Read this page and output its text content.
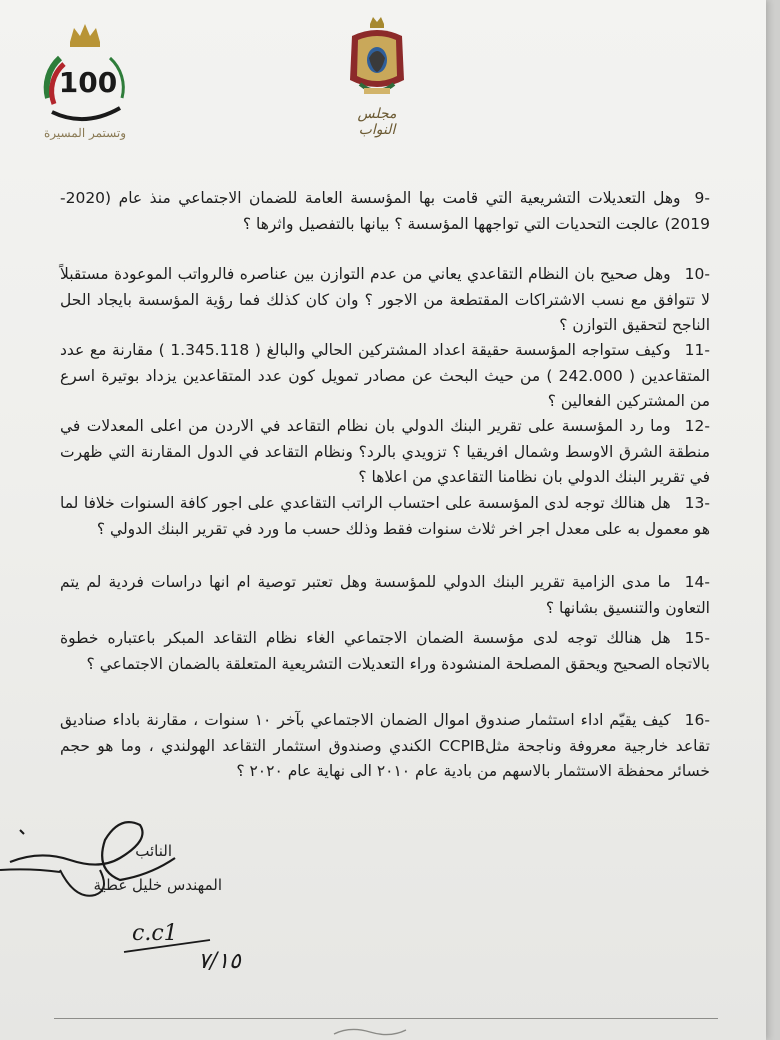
100
وتستمر المسيرة
مجلس النواب
-9وهل التعديلات التشريعية التي قامت بها المؤسسة العامة للضمان الاجتماعي منذ عام (2020-2019) عالجت التحديات التي تواجهها المؤسسة ؟ بيانها بالتفصيل واثرها ؟
-10وهل صحيح بان النظام التقاعدي يعاني من عدم التوازن بين عناصره فالرواتب الموعودة مستقبلاً لا تتوافق مع نسب الاشتراكات المقتطعة من الاجور ؟ وان كان كذلك فما رؤية المؤسسة بايجاد الحل الناجح لتحقيق التوازن ؟
-11وكيف ستواجه المؤسسة حقيقة اعداد المشتركين الحالي والبالغ ( 1.345.118 ) مقارنة مع عدد المتقاعدين ( 242.000 ) من حيث البحث عن مصادر تمويل كون عدد المتقاعدين يزداد بوتيرة اسرع من المشتركين الفعالين ؟
-12وما رد المؤسسة على تقرير البنك الدولي بان نظام التقاعد في الاردن من اعلى المعدلات في منطقة الشرق الاوسط وشمال افريقيا ؟ تزويدي بالرد؟ ونظام التقاعد في الدول المقارنة التي ظهرت في تقرير البنك الدولي بان نظامنا التقاعدي من اعلاها ؟
-13هل هنالك توجه لدى المؤسسة على احتساب الراتب التقاعدي على اجور كافة السنوات خلافا لما هو معمول به على معدل اجر اخر ثلاث سنوات فقط وذلك حسب ما ورد في تقرير البنك الدولي ؟
-14ما مدى الزامية تقرير البنك الدولي للمؤسسة وهل تعتبر توصية ام انها دراسات فردية لم يتم التعاون والتنسيق بشانها ؟
-15هل هنالك توجه لدى مؤسسة الضمان الاجتماعي الغاء نظام التقاعد المبكر باعتباره خطوة بالاتجاه الصحيح ويحقق المصلحة المنشودة وراء التعديلات التشريعية المتعلقة بالضمان الاجتماعي ؟
-16كيف يقيّم اداء استثمار صندوق اموال الضمان الاجتماعي بآخر ١٠ سنوات ، مقارنة باداء صناديق تقاعد خارجية معروفة وناجحة مثلCCPIB الكندي وصندوق استثمار التقاعد الهولندي ، وما هو حجم خسائر محفظة الاستثمار بالاسهم من بادية عام ٢٠١٠ الى نهاية عام ٢٠٢٠ ؟
النائب
المهندس خليل عطية
c.c1
٧/١٥
